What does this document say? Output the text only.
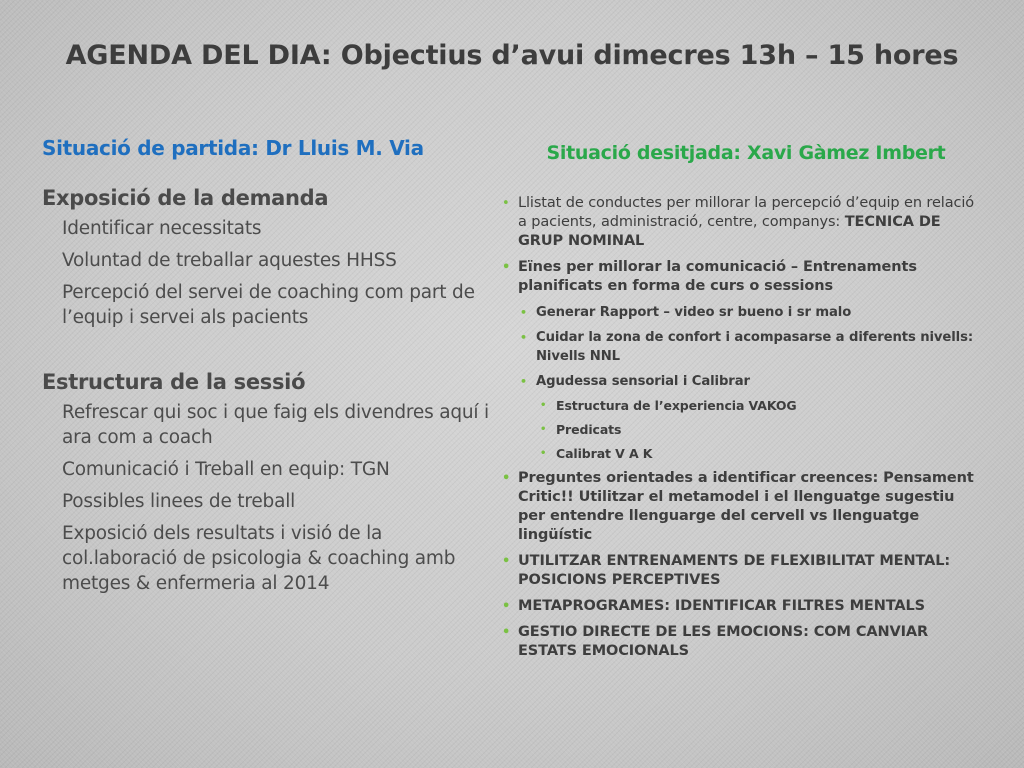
AGENDA DEL DIA: Objectius d’avui dimecres 13h – 15 hores
Situació de partida: Dr Lluis M. Via	Situació desitjada: Xavi Gàmez Imbert
Exposició de la demanda
Identificar necessitats
Voluntad de treballar aquestes HHSS
Percepció del servei de coaching com part de l’equip i servei als pacients
Estructura de la sessió
Refrescar qui soc i que faig els divendres aquí i ara com a coach
Comunicació i Treball en equip: TGN
Possibles linees de treball
Exposició dels resultats i visió de la col.laboració de psicologia & coaching amb metges & enfermeria al 2014
• Llistat de conductes per millorar la percepció d’equip en relació a pacients, administració, centre, companys: TECNICA DE GRUP NOMINAL
• Eïnes per millorar la comunicació – Entrenaments planificats en forma de curs o sessions
• Generar Rapport – video sr bueno i sr malo
• Cuidar la zona de confort i acompasarse a diferents nivells: Nivells NNL
• Agudessa sensorial i Calibrar
• Estructura de l’experiencia VAKOG
• Predicats
• Calibrat V A K
• Preguntes orientades a identificar creences: Pensament Critic!! Utilitzar el metamodel i el llenguatge sugestiu per entendre llenguarge del cervell vs llenguatge lingüístic
• UTILITZAR ENTRENAMENTS DE FLEXIBILITAT MENTAL: POSICIONS PERCEPTIVES
• METAPROGRAMES: IDENTIFICAR FILTRES MENTALS
• GESTIO DIRECTE DE LES EMOCIONS: COM CANVIAR ESTATS EMOCIONALS
